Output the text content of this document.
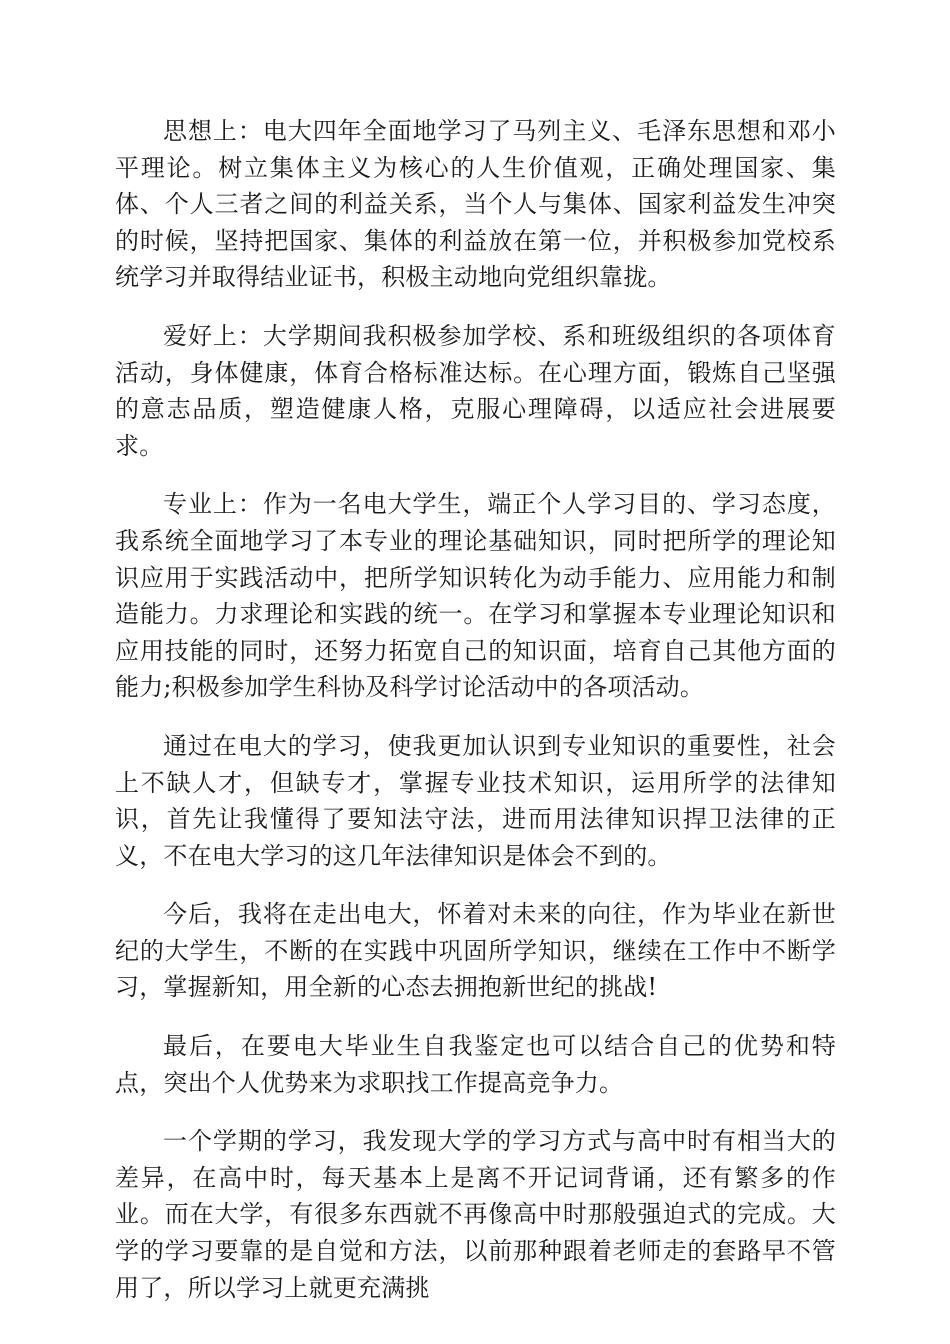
思想上：电大四年全面地学习了马列主义、毛泽东思想和邓小平理论。树立集体主义为核心的人生价值观，正确处理国家、集体、个人三者之间的利益关系，当个人与集体、国家利益发生冲突的时候，坚持把国家、集体的利益放在第一位，并积极参加党校系统学习并取得结业证书，积极主动地向党组织靠拢。

爱好上：大学期间我积极参加学校、系和班级组织的各项体育活动，身体健康，体育合格标准达标。在心理方面，锻炼自己坚强的意志品质，塑造健康人格，克服心理障碍，以适应社会进展要求。

专业上：作为一名电大学生，端正个人学习目的、学习态度，我系统全面地学习了本专业的理论基础知识，同时把所学的理论知识应用于实践活动中，把所学知识转化为动手能力、应用能力和制造能力。力求理论和实践的统一。在学习和掌握本专业理论知识和应用技能的同时，还努力拓宽自己的知识面，培育自己其他方面的能力;积极参加学生科协及科学讨论活动中的各项活动。

通过在电大的学习，使我更加认识到专业知识的重要性，社会上不缺人才，但缺专才，掌握专业技术知识，运用所学的法律知识，首先让我懂得了要知法守法，进而用法律知识捍卫法律的正义，不在电大学习的这几年法律知识是体会不到的。

今后，我将在走出电大，怀着对未来的向往，作为毕业在新世纪的大学生，不断的在实践中巩固所学知识，继续在工作中不断学习，掌握新知，用全新的心态去拥抱新世纪的挑战!

最后，在要电大毕业生自我鉴定也可以结合自己的优势和特点，突出个人优势来为求职找工作提高竞争力。

一个学期的学习，我发现大学的学习方式与高中时有相当大的差异，在高中时，每天基本上是离不开记词背诵，还有繁多的作业。而在大学，有很多东西就不再像高中时那般强迫式的完成。大学的学习要靠的是自觉和方法，以前那种跟着老师走的套路早不管用了，所以学习上就更充满挑
